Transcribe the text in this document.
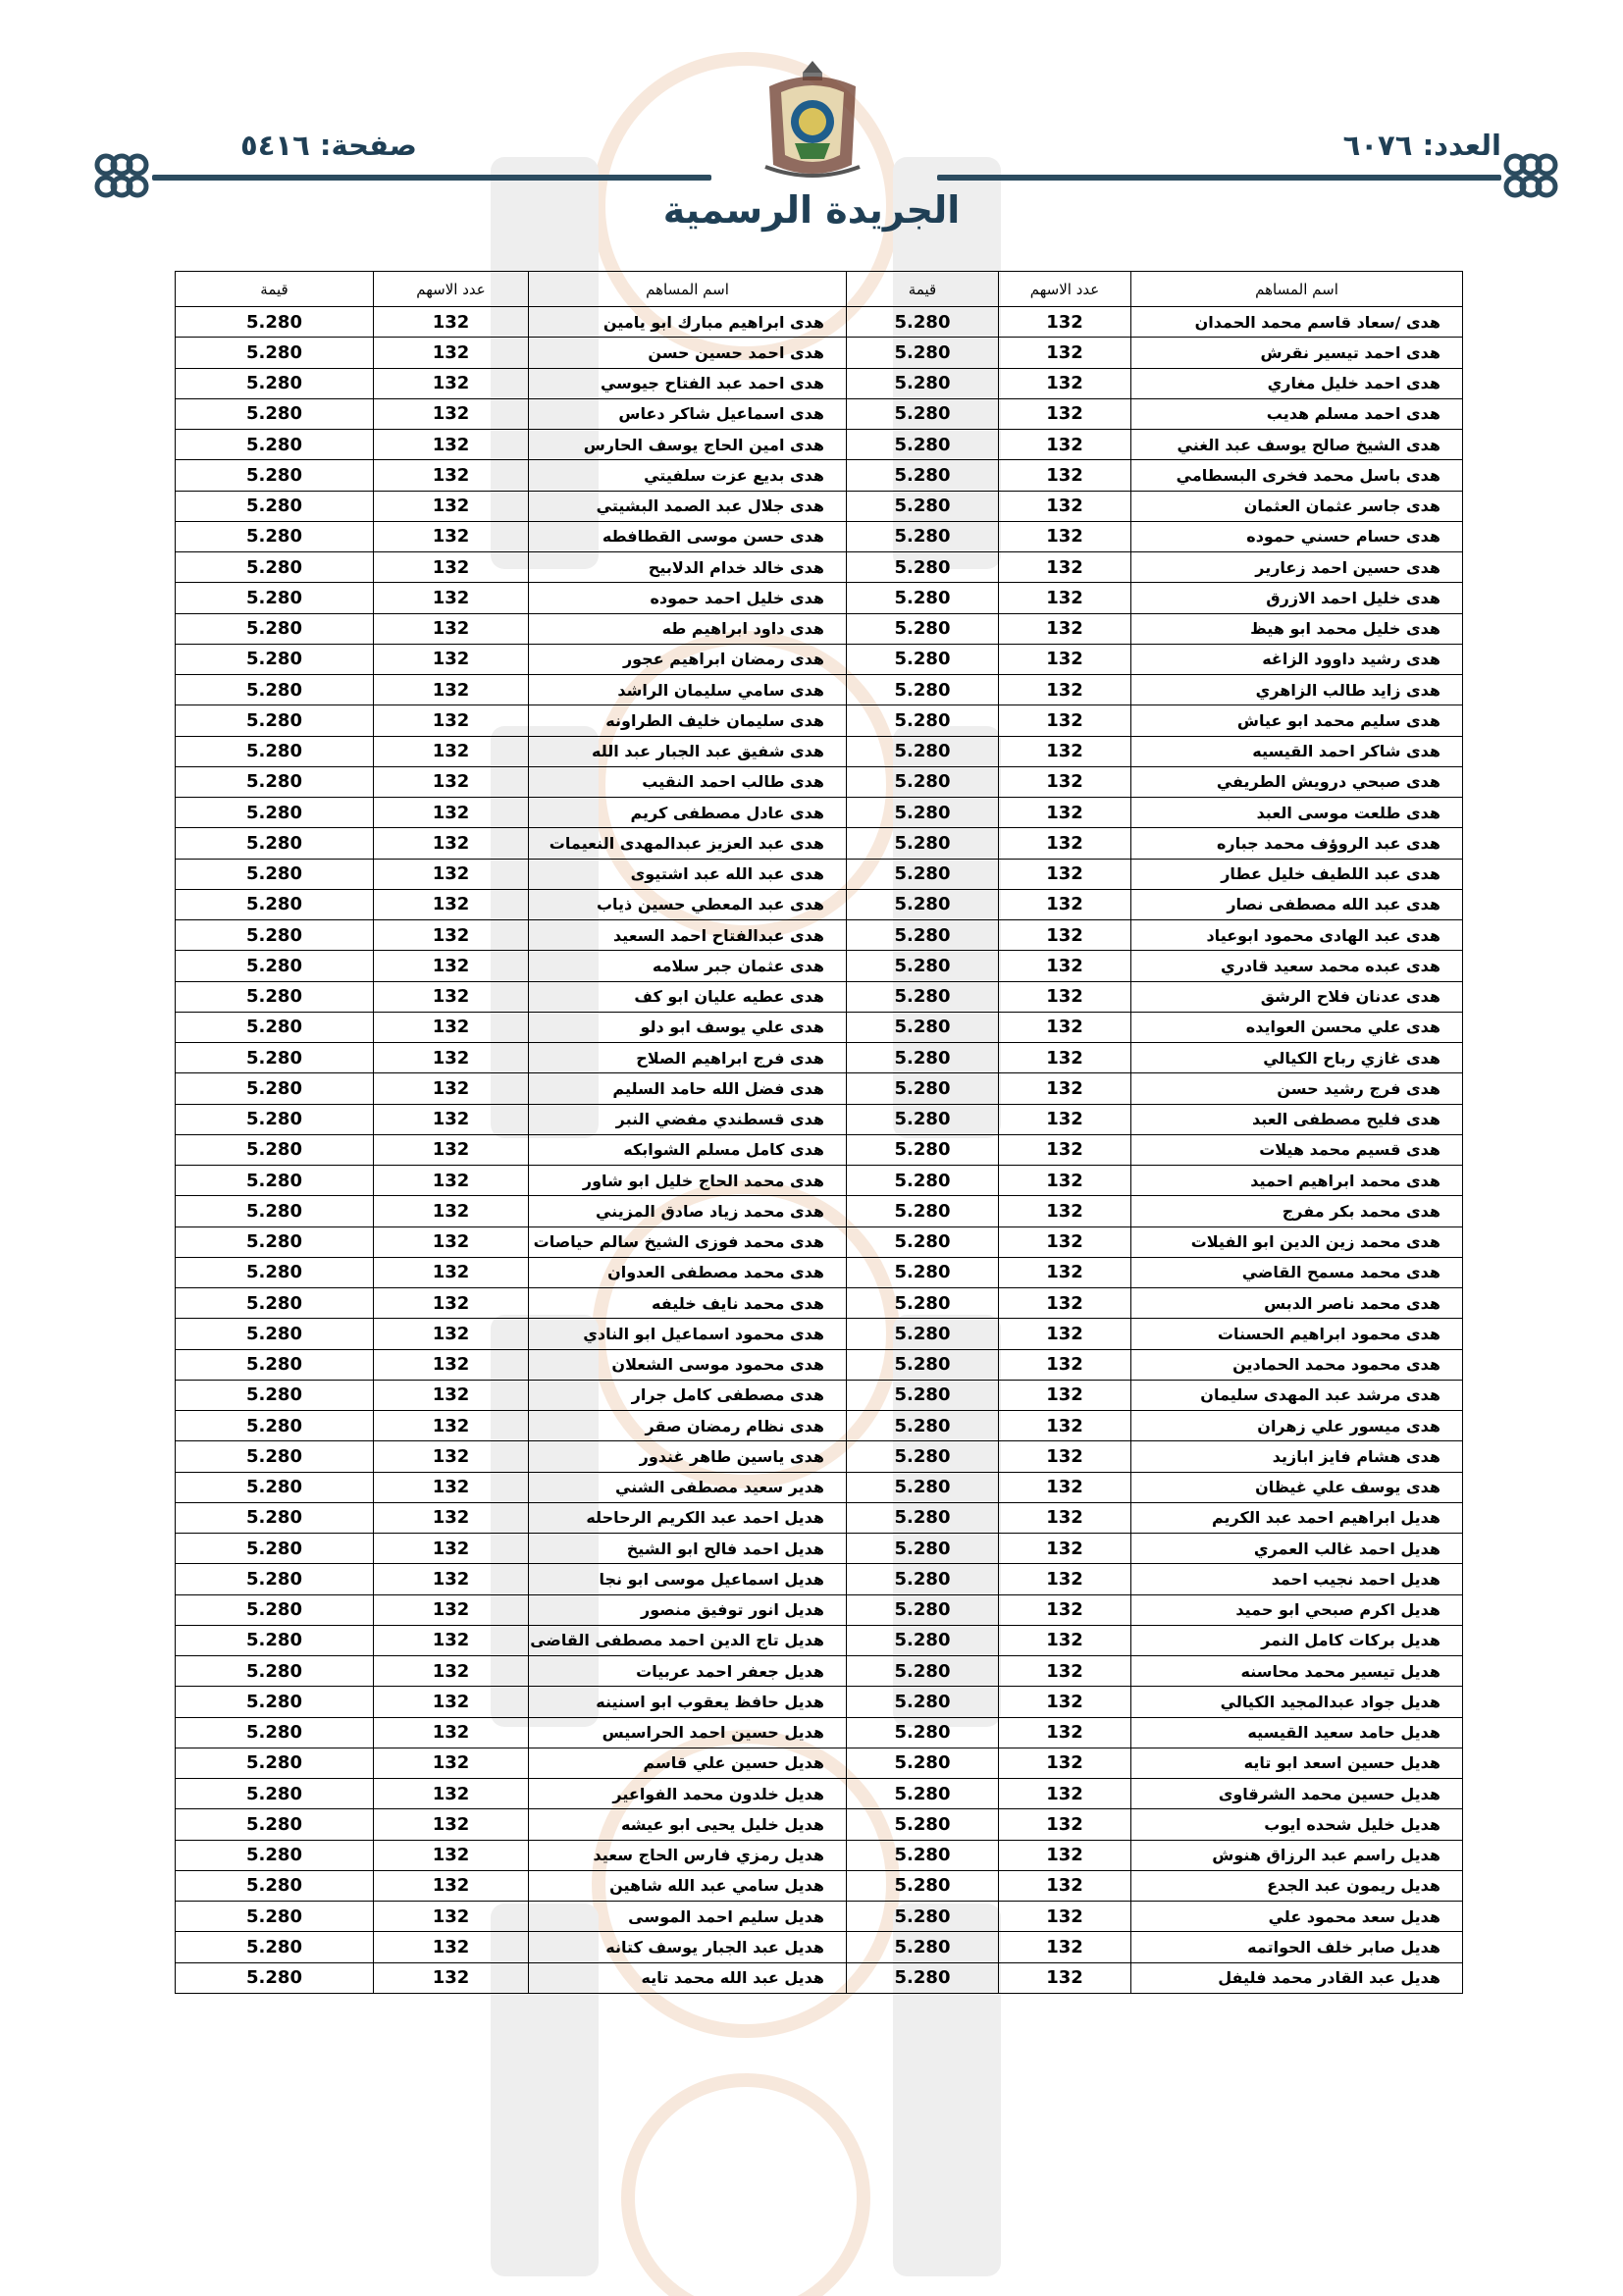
العدد: ٦٠٧٦
صفحة: ٥٤١٦
الجريدة الرسمية
اسم المساهم	عدد الاسهم	قيمة	اسم المساهم	عدد الاسهم	قيمة
هدى /سعاد قاسم محمد الحمدان	132	5.280	هدى ابراهيم مبارك ابو يامين	132	5.280
هدى احمد تيسير نقرش	132	5.280	هدى احمد حسين حسن	132	5.280
هدى احمد خليل مغاري	132	5.280	هدى احمد عبد الفتاح جيوسي	132	5.280
هدى احمد مسلم هديب	132	5.280	هدى اسماعيل شاكر دعاس	132	5.280
هدى الشيخ صالح يوسف عبد الغني	132	5.280	هدى امين الحاج يوسف الحارس	132	5.280
هدى باسل محمد فخرى البسطامي	132	5.280	هدى بديع عزت سلفيتي	132	5.280
هدى جاسر عثمان العثمان	132	5.280	هدى جلال عبد الصمد البشيتي	132	5.280
هدى حسام حسني حموده	132	5.280	هدى حسن موسى القطافطه	132	5.280
هدى حسين احمد زعارير	132	5.280	هدى خالد خدام الدلابيح	132	5.280
هدى خليل احمد الازرق	132	5.280	هدى خليل احمد حموده	132	5.280
هدى خليل محمد ابو هيظ	132	5.280	هدى داود ابراهيم طه	132	5.280
هدى رشيد داوود الزاغه	132	5.280	هدى رمضان ابراهيم عجور	132	5.280
هدى زايد طالب الزاهري	132	5.280	هدى سامي سليمان الراشد	132	5.280
هدى سليم محمد ابو عياش	132	5.280	هدى سليمان خليف الطراونه	132	5.280
هدى شاكر احمد القيسيه	132	5.280	هدى شفيق عبد الجبار عبد الله	132	5.280
هدى صبحي درويش الطريفي	132	5.280	هدى طالب احمد النقيب	132	5.280
هدى طلعت موسى العبد	132	5.280	هدى عادل مصطفى كريم	132	5.280
هدى عبد الروؤف محمد جباره	132	5.280	هدى عبد العزيز عبدالمهدى النعيمات	132	5.280
هدى عبد اللطيف خليل عطار	132	5.280	هدى عبد الله عبد اشتيوى	132	5.280
هدى عبد الله مصطفى نصار	132	5.280	هدى عبد المعطي حسين ذياب	132	5.280
هدى عبد الهادى محمود ابوعياد	132	5.280	هدى عبدالفتاح احمد السعيد	132	5.280
هدى عبده محمد سعيد قادري	132	5.280	هدى عثمان جبر سلامه	132	5.280
هدى عدنان فلاح الرشق	132	5.280	هدى عطيه عليان ابو كف	132	5.280
هدى علي محسن العوايده	132	5.280	هدى علي يوسف ابو دلو	132	5.280
هدى غازي رباح الكيالي	132	5.280	هدى فرج ابراهيم الصلاح	132	5.280
هدى فرج رشيد حسن	132	5.280	هدى فضل الله حامد السليم	132	5.280
هدى فليح مصطفى العبد	132	5.280	هدى قسطندي مفضي النبر	132	5.280
هدى قسيم محمد هيلات	132	5.280	هدى كامل مسلم الشوابكه	132	5.280
هدى محمد ابراهيم احميد	132	5.280	هدى محمد الحاج خليل ابو شاور	132	5.280
هدى محمد بكر مفرج	132	5.280	هدى محمد زياد صادق المزيني	132	5.280
هدى محمد زين الدين ابو الفيلات	132	5.280	هدى محمد فوزى الشيخ سالم حياصات	132	5.280
هدى محمد مسمح القاضي	132	5.280	هدى محمد مصطفى العدوان	132	5.280
هدى محمد ناصر الدبس	132	5.280	هدى محمد نايف خليفه	132	5.280
هدى محمود ابراهيم الحسنات	132	5.280	هدى محمود اسماعيل ابو النادي	132	5.280
هدى محمود محمد الحمادين	132	5.280	هدى محمود موسى الشعلان	132	5.280
هدى مرشد عبد المهدى سليمان	132	5.280	هدى مصطفى كامل جرار	132	5.280
هدى ميسور علي زهران	132	5.280	هدى نظام رمضان صقر	132	5.280
هدى هشام فايز ابازيد	132	5.280	هدى ياسين طاهر غندور	132	5.280
هدى يوسف علي غيظان	132	5.280	هدير سعيد مصطفى الشني	132	5.280
هديل ابراهيم احمد عبد الكريم	132	5.280	هديل احمد عبد الكريم الرحاحله	132	5.280
هديل احمد غالب العمري	132	5.280	هديل احمد فالح ابو الشيخ	132	5.280
هديل احمد نجيب احمد	132	5.280	هديل اسماعيل موسى ابو نجا	132	5.280
هديل اكرم صبحي ابو حميد	132	5.280	هديل انور توفيق منصور	132	5.280
هديل بركات كامل النمر	132	5.280	هديل تاج الدين احمد مصطفى القاضى	132	5.280
هديل تيسير محمد محاسنه	132	5.280	هديل جعفر احمد عربيات	132	5.280
هديل جواد عبدالمجيد الكيالي	132	5.280	هديل حافظ يعقوب ابو اسنينه	132	5.280
هديل حامد سعيد القيسيه	132	5.280	هديل حسين احمد الحراسيس	132	5.280
هديل حسين اسعد ابو تايه	132	5.280	هديل حسين علي قاسم	132	5.280
هديل حسين محمد الشرقاوى	132	5.280	هديل خلدون محمد الفواعير	132	5.280
هديل خليل شحده ايوب	132	5.280	هديل خليل يحيى ابو عيشه	132	5.280
هديل راسم عبد الرزاق هنوش	132	5.280	هديل رمزي فارس الحاج سعيد	132	5.280
هديل ريمون عبد الجدع	132	5.280	هديل سامي عبد الله شاهين	132	5.280
هديل سعد محمود علي	132	5.280	هديل سليم احمد الموسى	132	5.280
هديل صابر خلف الحواتمه	132	5.280	هديل عبد الجبار يوسف كتانه	132	5.280
هديل عبد القادر محمد فليفل	132	5.280	هديل عبد الله محمد تايه	132	5.280
